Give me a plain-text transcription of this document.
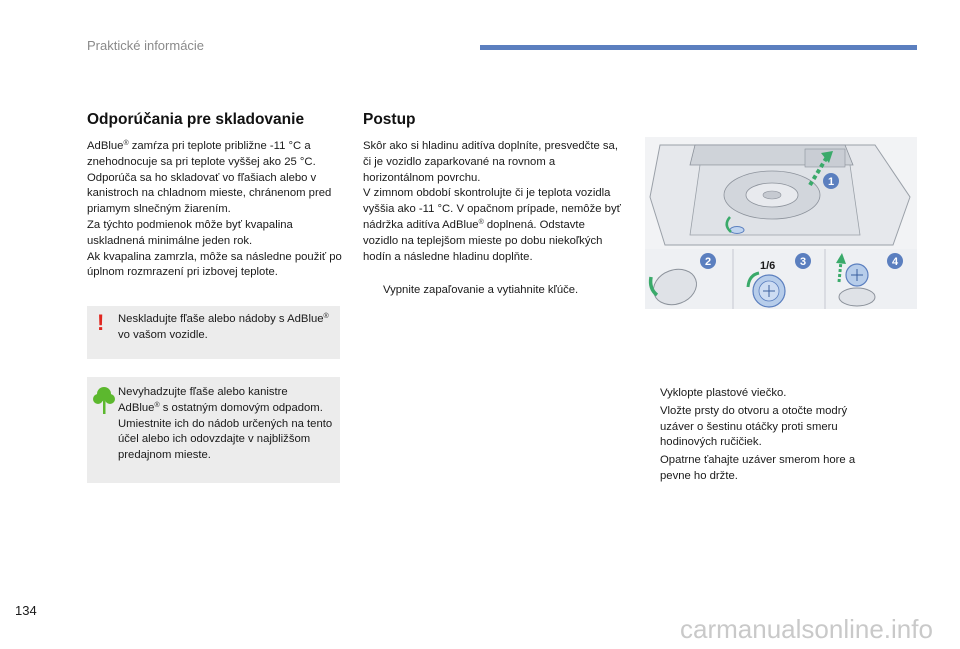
Praktické informácie
Odporúčania pre skladovanie

AdBlue® zamŕza pri teplote približne -11 °C a znehodnocuje sa pri teplote vyššej ako 25 °C. Odporúča sa ho skladovať vo fľašiach alebo v kanistroch na chladnom mieste, chránenom pred priamym slnečným žiarením.

Za týchto podmienok môže byť kvapalina uskladnená minimálne jeden rok.

Ak kvapalina zamrzla, môže sa následne použiť po úplnom rozmrazení pri izbovej teplote.

! Neskladujte fľaše alebo nádoby s AdBlue® vo vašom vozidle.

Nevyhadzujte fľaše alebo kanistre
AdBlue® s ostatným domovým odpadom. Umiestnite ich do nádob určených na tento účel alebo ich odovzdajte v najbližšom predajnom mieste.

Postup

Skôr ako si hladinu aditíva doplníte, presvedčte sa, či je vozidlo zaparkované na rovnom a horizontálnom povrchu.

V zimnom období skontrolujte či je teplota vozidla vyššia ako -11 °C. V opačnom prípade, nemôže byť nádržka aditíva AdBlue® doplnená. Odstavte vozidlo na teplejšom mieste po dobu niekoľkých hodín a následne hladinu doplňte.

Vypnite zapaľovanie a vytiahnite kľúče.

1
2	1/6 3	4

Vyklopte plastové viečko.

Vložte prsty do otvoru a otočte modrý uzáver o šestinu otáčky proti smeru hodinových ručičiek.

Opatrne ťahajte uzáver smerom hore a pevne ho držte.

134
carmanualsonline.info
